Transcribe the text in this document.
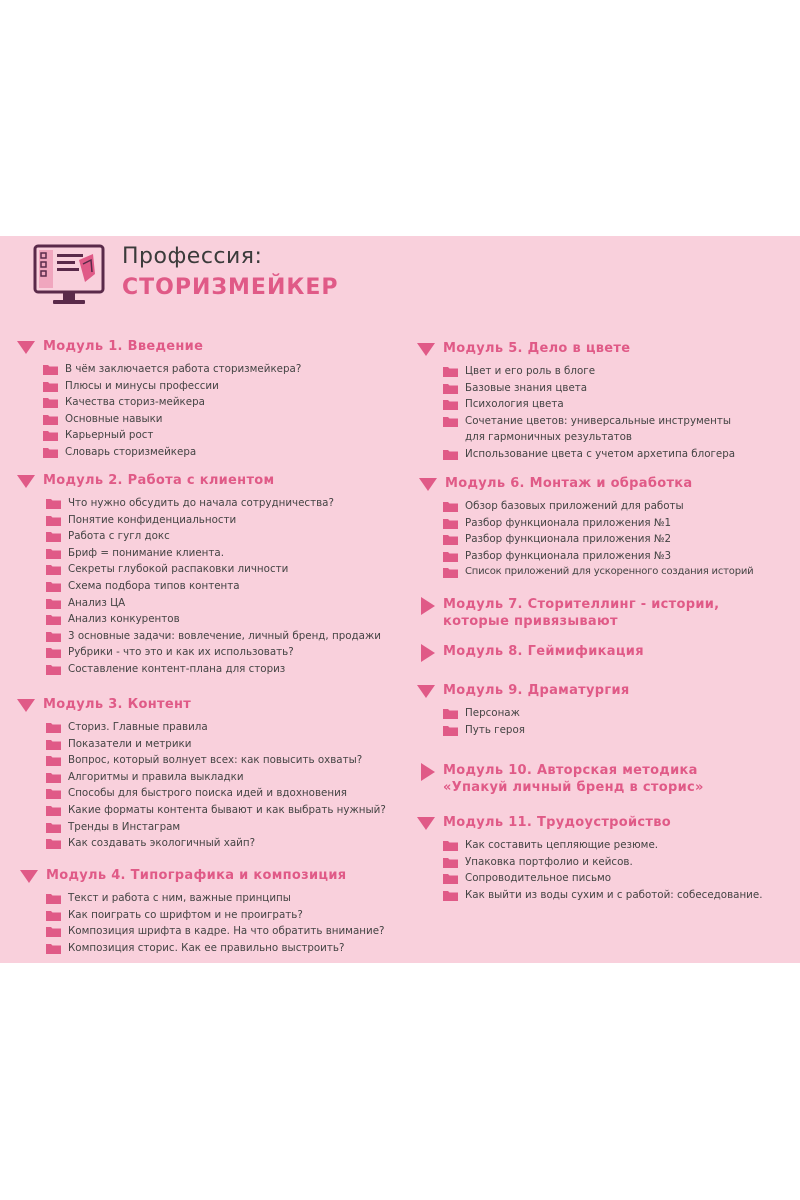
Профессия:
СТОРИЗМЕЙКЕР
Модуль 1. Введение
В чём заключается работа сторизмейкера?
Плюсы и минусы профессии
Качества сториз-мейкера
Основные навыки
Карьерный рост
Словарь сторизмейкера
Модуль 2. Работа с клиентом
Что нужно обсудить до начала сотрудничества?
Понятие конфиденциальности
Работа с гугл докс
Бриф = понимание клиента.
Секреты глубокой распаковки личности
Схема подбора типов контента
Анализ ЦА
Анализ конкурентов
3 основные задачи: вовлечение, личный бренд, продажи
Рубрики - что это и как их использовать?
Составление контент-плана для сториз
Модуль 3. Контент
Сториз. Главные правила
Показатели и метрики
Вопрос, который волнует всех: как повысить охваты?
Алгоритмы и правила выкладки
Способы для быстрого поиска идей и вдохновения
Какие форматы контента бывают и как выбрать нужный?
Тренды в Инстаграм
Как создавать экологичный хайп?
Модуль 4. Типографика и композиция
Текст и работа с ним, важные принципы
Как поиграть со шрифтом и не проиграть?
Композиция шрифта в кадре. На что обратить внимание?
Композиция сторис. Как ее правильно выстроить?
Модуль 5. Дело в цвете
Цвет и его роль в блоге
Базовые знания цвета
Психология цвета
Сочетание цветов: универсальные инструменты
для гармоничных результатов
Использование цвета с учетом архетипа блогера
Модуль 6. Монтаж и обработка
Обзор базовых приложений для работы
Разбор функционала приложения №1
Разбор функционала приложения №2
Разбор функционала приложения №3
Список приложений для ускоренного создания историй
Модуль 7. Сторителлинг - истории,
которые привязывают
Модуль 8. Геймификация
Модуль 9. Драматургия
Персонаж
Путь героя
Модуль 10. Авторская методика
«Упакуй личный бренд в сторис»
Модуль 11. Трудоустройство
Как составить цепляющие резюме.
Упаковка портфолио и кейсов.
Сопроводительное письмо
Как выйти из воды сухим и с работой: собеседование.
